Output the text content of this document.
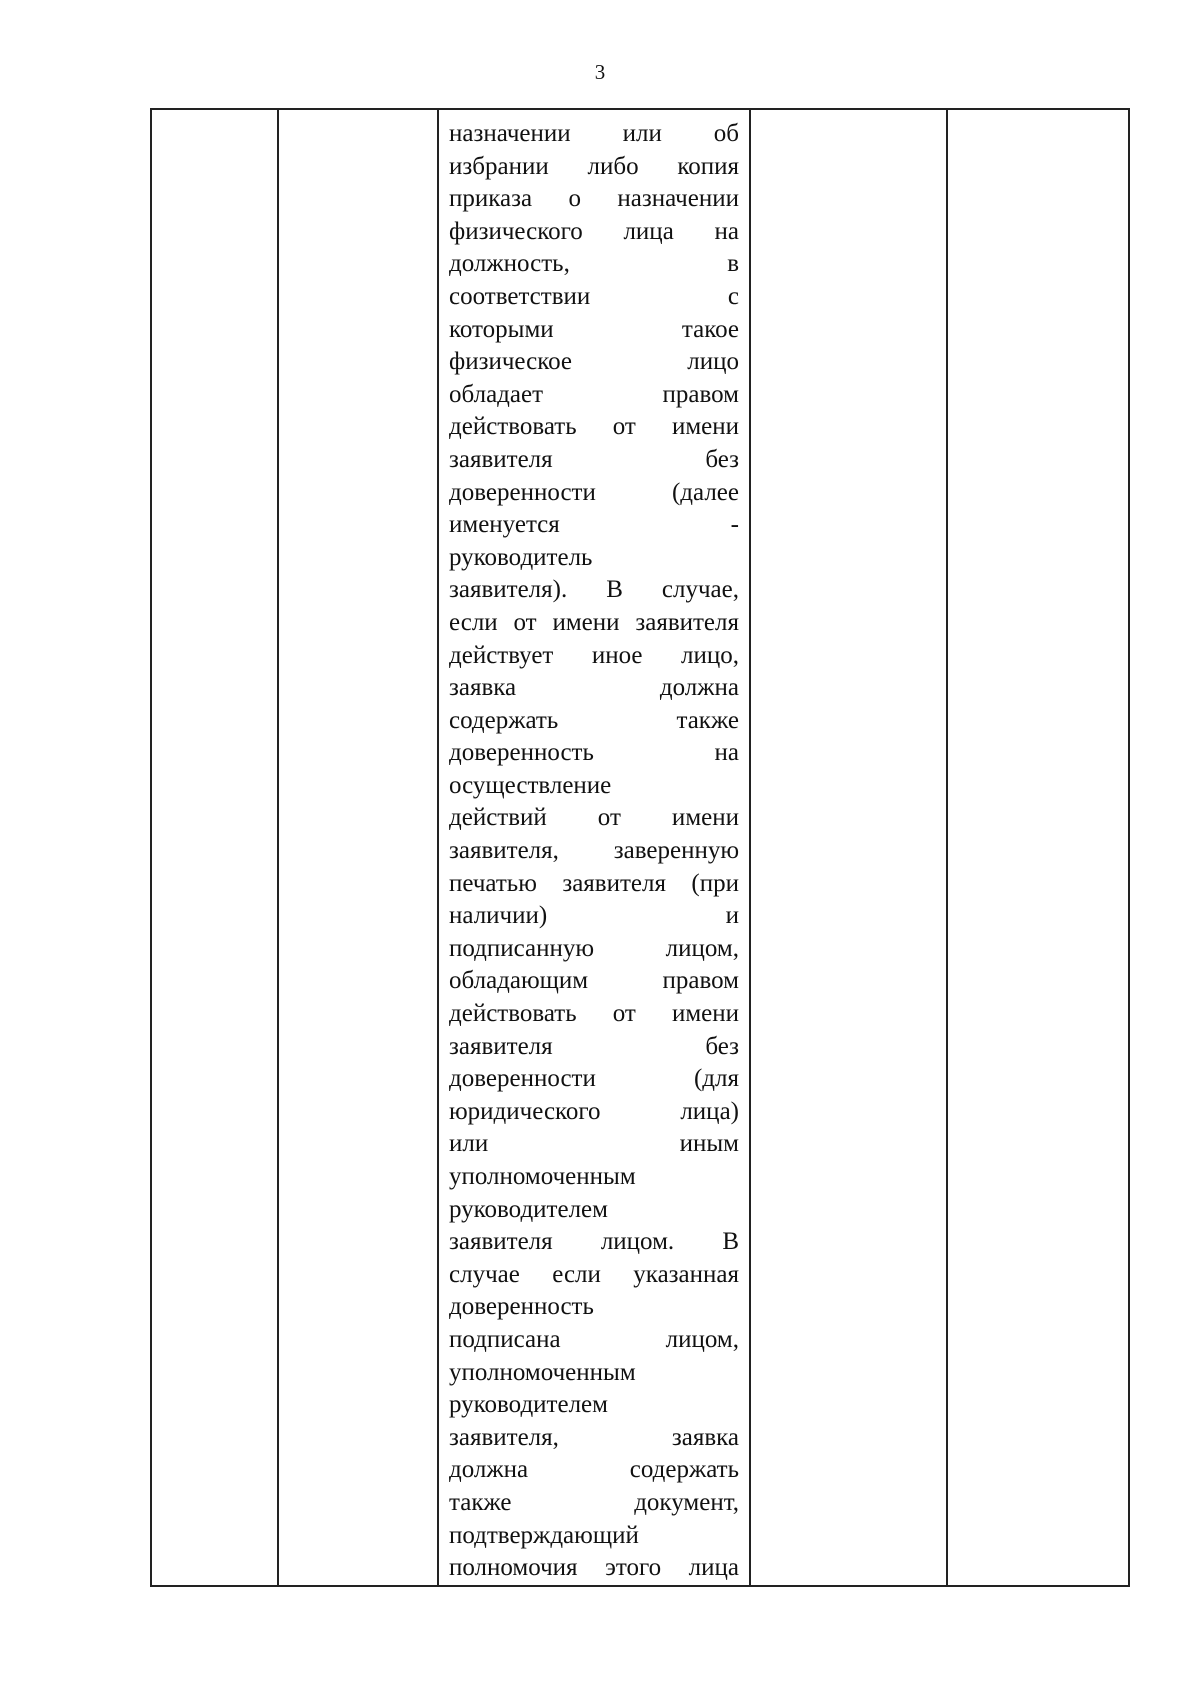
3

назначении или об
избрании либо копия
приказа о назначении
физического лица на
должность, в
соответствии с
которыми такое
физическое лицо
обладает правом
действовать от имени
заявителя без
доверенности (далее
именуется -
руководитель
заявителя). В случае,
если от имени заявителя
действует иное лицо,
заявка должна
содержать также
доверенность на
осуществление
действий от имени
заявителя, заверенную
печатью заявителя (при
наличии) и
подписанную лицом,
обладающим правом
действовать от имени
заявителя без
доверенности (для
юридического лица)
или иным
уполномоченным
руководителем
заявителя лицом. В
случае если указанная
доверенность
подписана лицом,
уполномоченным
руководителем
заявителя, заявка
должна содержать
также документ,
подтверждающий
полномочия этого лица
